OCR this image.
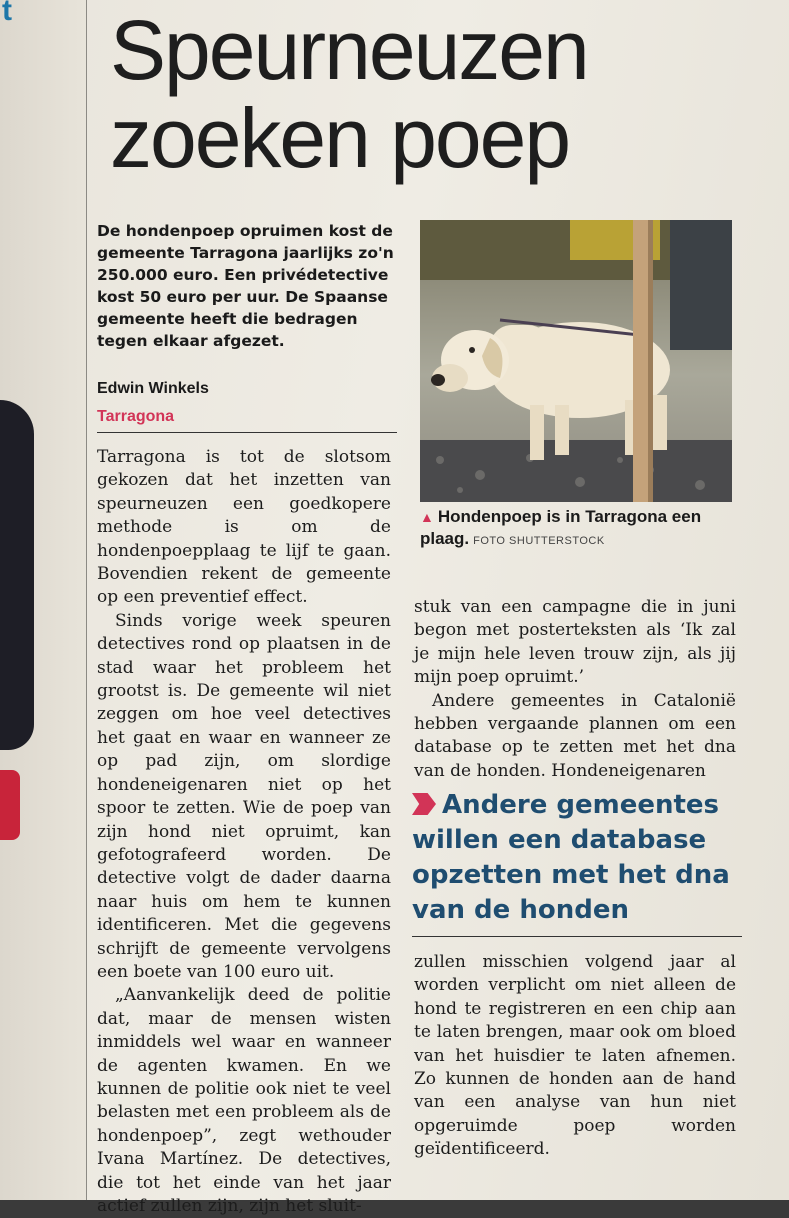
t Speurneuzen zoeken poep

De hondenpoep opruimen kost de gemeente Tarragona jaarlijks zo'n 250.000 euro. Een privédetective kost 50 euro per uur. De Spaanse gemeente heeft die bedragen tegen elkaar afgezet.

Edwin Winkels
Tarragona
▲ Hondenpoep is in Tarragona een plaag. FOTO SHUTTERSTOCK

Tarragona is tot de slotsom gekozen dat het inzetten van speurneuzen een goedkopere methode is om de hondenpoepplaag te lijf te gaan. Bovendien rekent de gemeente op een preventief effect.

Sinds vorige week speuren detectives rond op plaatsen in de stad waar het probleem het grootst is. De gemeente wil niet zeggen om hoe veel detectives het gaat en waar en wanneer ze op pad zijn, om slordige hondeneigenaren niet op het spoor te zetten. Wie de poep van zijn hond niet opruimt, kan gefotografeerd worden. De detective volgt de dader daarna naar huis om hem te kunnen identificeren. Met die gegevens schrijft de gemeente vervolgens een boete van 100 euro uit.

„Aanvankelijk deed de politie dat, maar de mensen wisten inmiddels wel waar en wanneer de agenten kwamen. En we kunnen de politie ook niet te veel belasten met een probleem als de hondenpoep”, zegt wethouder Ivana Martínez. De detectives, die tot het einde van het jaar actief zullen zijn, zijn het sluit-

stuk van een campagne die in juni begon met posterteksten als ‘Ik zal je mijn hele leven trouw zijn, als jij mijn poep opruimt.’

Andere gemeentes in Catalonië hebben vergaande plannen om een database op te zetten met het dna van de honden. Hondeneigenaren

Andere gemeentes willen een database opzetten met het dna van de honden

zullen misschien volgend jaar al worden verplicht om niet alleen de hond te registreren en een chip aan te laten brengen, maar ook om bloed van het huisdier te laten afnemen. Zo kunnen de honden aan de hand van een analyse van hun niet opgeruimde poep worden geïdentificeerd.
